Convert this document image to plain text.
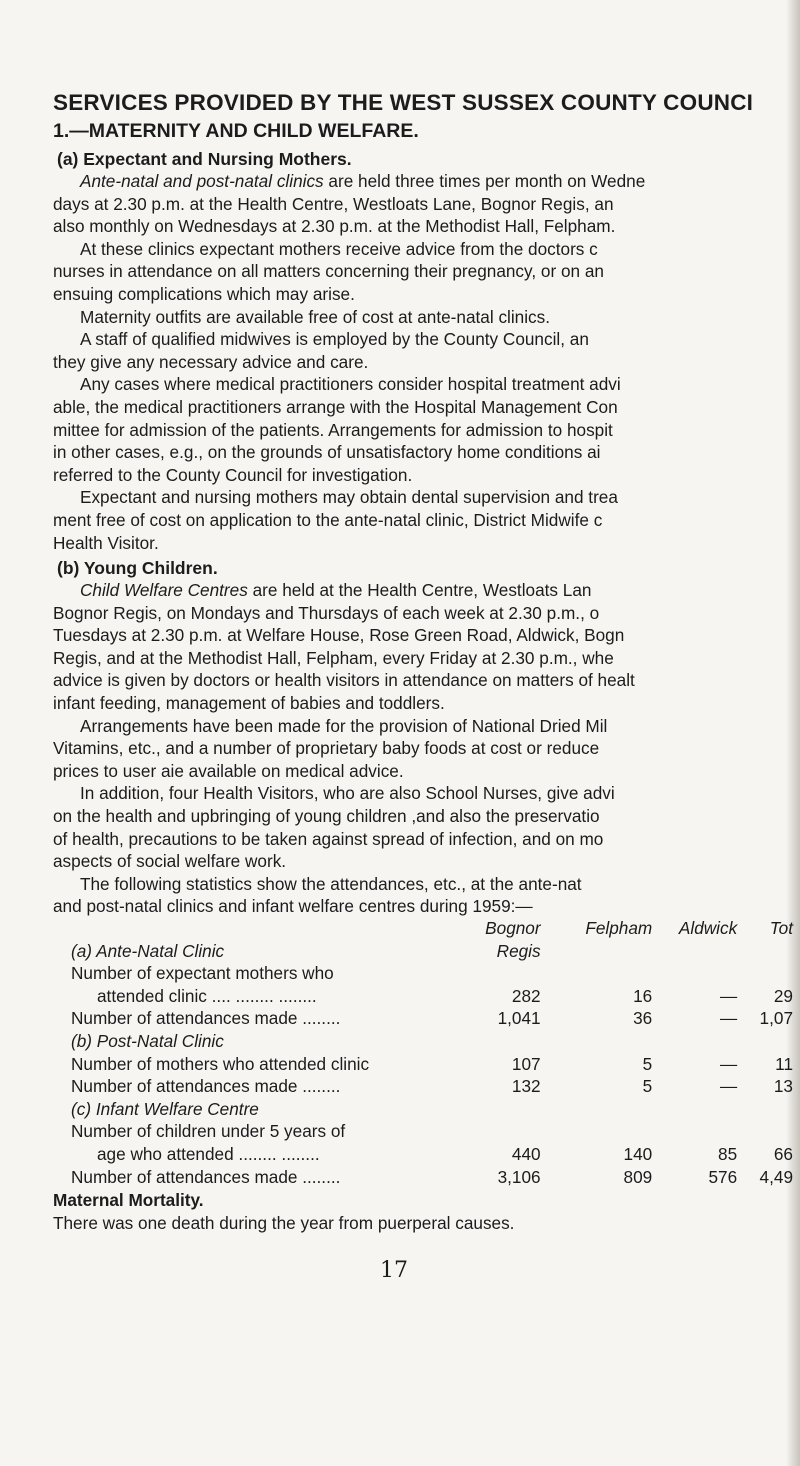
SERVICES PROVIDED BY THE WEST SUSSEX COUNTY COUNCI
1.—MATERNITY AND CHILD WELFARE.
(a) Expectant and Nursing Mothers.

Ante-natal and post-natal clinics are held three times per month on Wedne

days at 2.30 p.m. at the Health Centre, Westloats Lane, Bognor Regis, an

also monthly on Wednesdays at 2.30 p.m. at the Methodist Hall, Felpham.

At these clinics expectant mothers receive advice from the doctors c

nurses in attendance on all matters concerning their pregnancy, or on an

ensuing complications which may arise.

Maternity outfits are available free of cost at ante-natal clinics.

A staff of qualified midwives is employed by the County Council, an

they give any necessary advice and care.

Any cases where medical practitioners consider hospital treatment advi

able, the medical practitioners arrange with the Hospital Management Con

mittee for admission of the patients. Arrangements for admission to hospit

in other cases, e.g., on the grounds of unsatisfactory home conditions ai

referred to the County Council for investigation.

Expectant and nursing mothers may obtain dental supervision and trea

ment free of cost on application to the ante-natal clinic, District Midwife c

Health Visitor.

(b) Young Children.

Child Welfare Centres are held at the Health Centre, Westloats Lan

Bognor Regis, on Mondays and Thursdays of each week at 2.30 p.m., o

Tuesdays at 2.30 p.m. at Welfare House, Rose Green Road, Aldwick, Bogn

Regis, and at the Methodist Hall, Felpham, every Friday at 2.30 p.m., whe

advice is given by doctors or health visitors in attendance on matters of healt

infant feeding, management of babies and toddlers.

Arrangements have been made for the provision of National Dried Mil

Vitamins, etc., and a number of proprietary baby foods at cost or reduce

prices to user aie available on medical advice.

In addition, four Health Visitors, who are also School Nurses, give advi

on the health and upbringing of young children ,and also the preservatio

of health, precautions to be taken against spread of infection, and on mo

aspects of social welfare work.

The following statistics show the attendances, etc., at the ante-nat

and post-natal clinics and infant welfare centres during 1959:—

	Bognor	Felpham	Aldwick	Tot
(a) Ante-Natal Clinic	Regis			
Number of expectant mothers who				
attended clinic .... ........ ........	282	16	—	29
Number of attendances made ........	1,041	36	—	1,07
(b) Post-Natal Clinic				
Number of mothers who attended clinic	107	5	—	11
Number of attendances made ........	132	5	—	13
(c) Infant Welfare Centre				
Number of children under 5 years of				
age who attended ........ ........	440	140	85	66
Number of attendances made ........	3,106	809	576	4,49

Maternal Mortality.

There was one death during the year from puerperal causes.

17
